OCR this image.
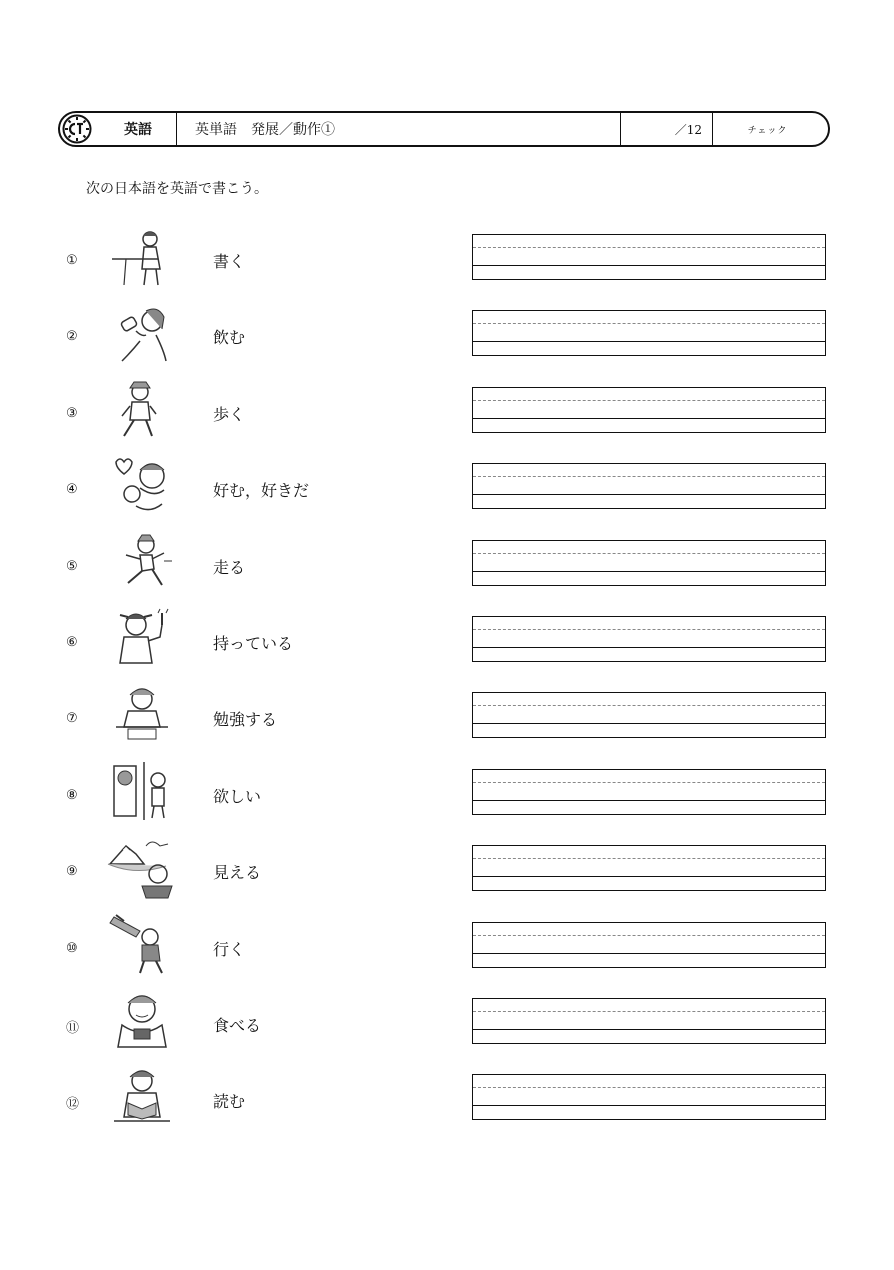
英語	英単語　発展／動作①	／12	チェック
次の日本語を英語で書こう。
①	書く
②	飲む
③	歩く
④	好む，好きだ
⑤	走る
⑥	持っている
⑦	勉強する
⑧	欲しい
⑨	見える
⑩	行く
⑪	食べる
⑫	読む
